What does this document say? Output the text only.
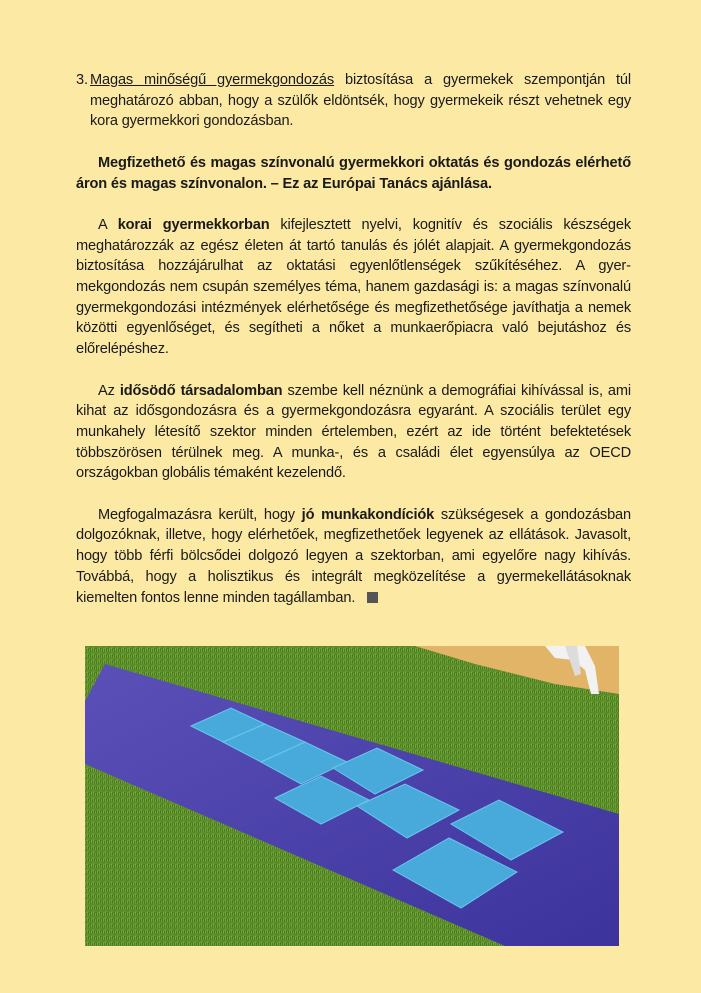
3. Magas minőségű gyermekgondozás biztosítása a gyermekek szempontján túl meghatározó abban, hogy a szülők eldöntsék, hogy gyermekeik részt vehetnek egy kora gyermekkori gondozásban.

Megfizethető és magas színvonalú gyermekkori oktatás és gondozás elérhető áron és magas színvonalon. – Ez az Európai Tanács ajánlása.

A korai gyermekkorban kifejlesztett nyelvi, kognitív és szociális készségek meghatározzák az egész életen át tartó tanulás és jólét alapjait. A gyermekgondozás biztosítása hozzájárulhat az oktatási egyenlőtlenségek szűkítéséhez. A gyermekgondozás nem csupán személyes téma, hanem gazdasági is: a magas színvonalú gyermekgondozási intézmények elérhetősége és megfizethetősége javíthatja a nemek közötti egyenlőséget, és segítheti a nőket a munkaerőpiacra való bejutáshoz és előrelépéshez.

Az idősödő társadalomban szembe kell néznünk a demográfiai kihívással is, ami kihat az idősgondozásra és a gyermekgondozásra egyaránt. A szociális terület egy munkahely létesítő szektor minden értelemben, ezért az ide történt befektetések többszörösen térülnek meg. A munka-, és a családi élet egyensúlya az OECD országokban globális témaként kezelendő.

Megfogalmazásra került, hogy jó munkakondíciók szükségesek a gondozásban dolgozóknak, illetve, hogy elérhetőek, megfizethetőek legyenek az ellátások. Javasolt, hogy több férfi bölcsődei dolgozó legyen a szektorban, ami egyelőre nagy kihívás. Továbbá, hogy a holisztikus és integrált megközelítése a gyermekellátásoknak kiemelten fontos lenne minden tagállamban.
